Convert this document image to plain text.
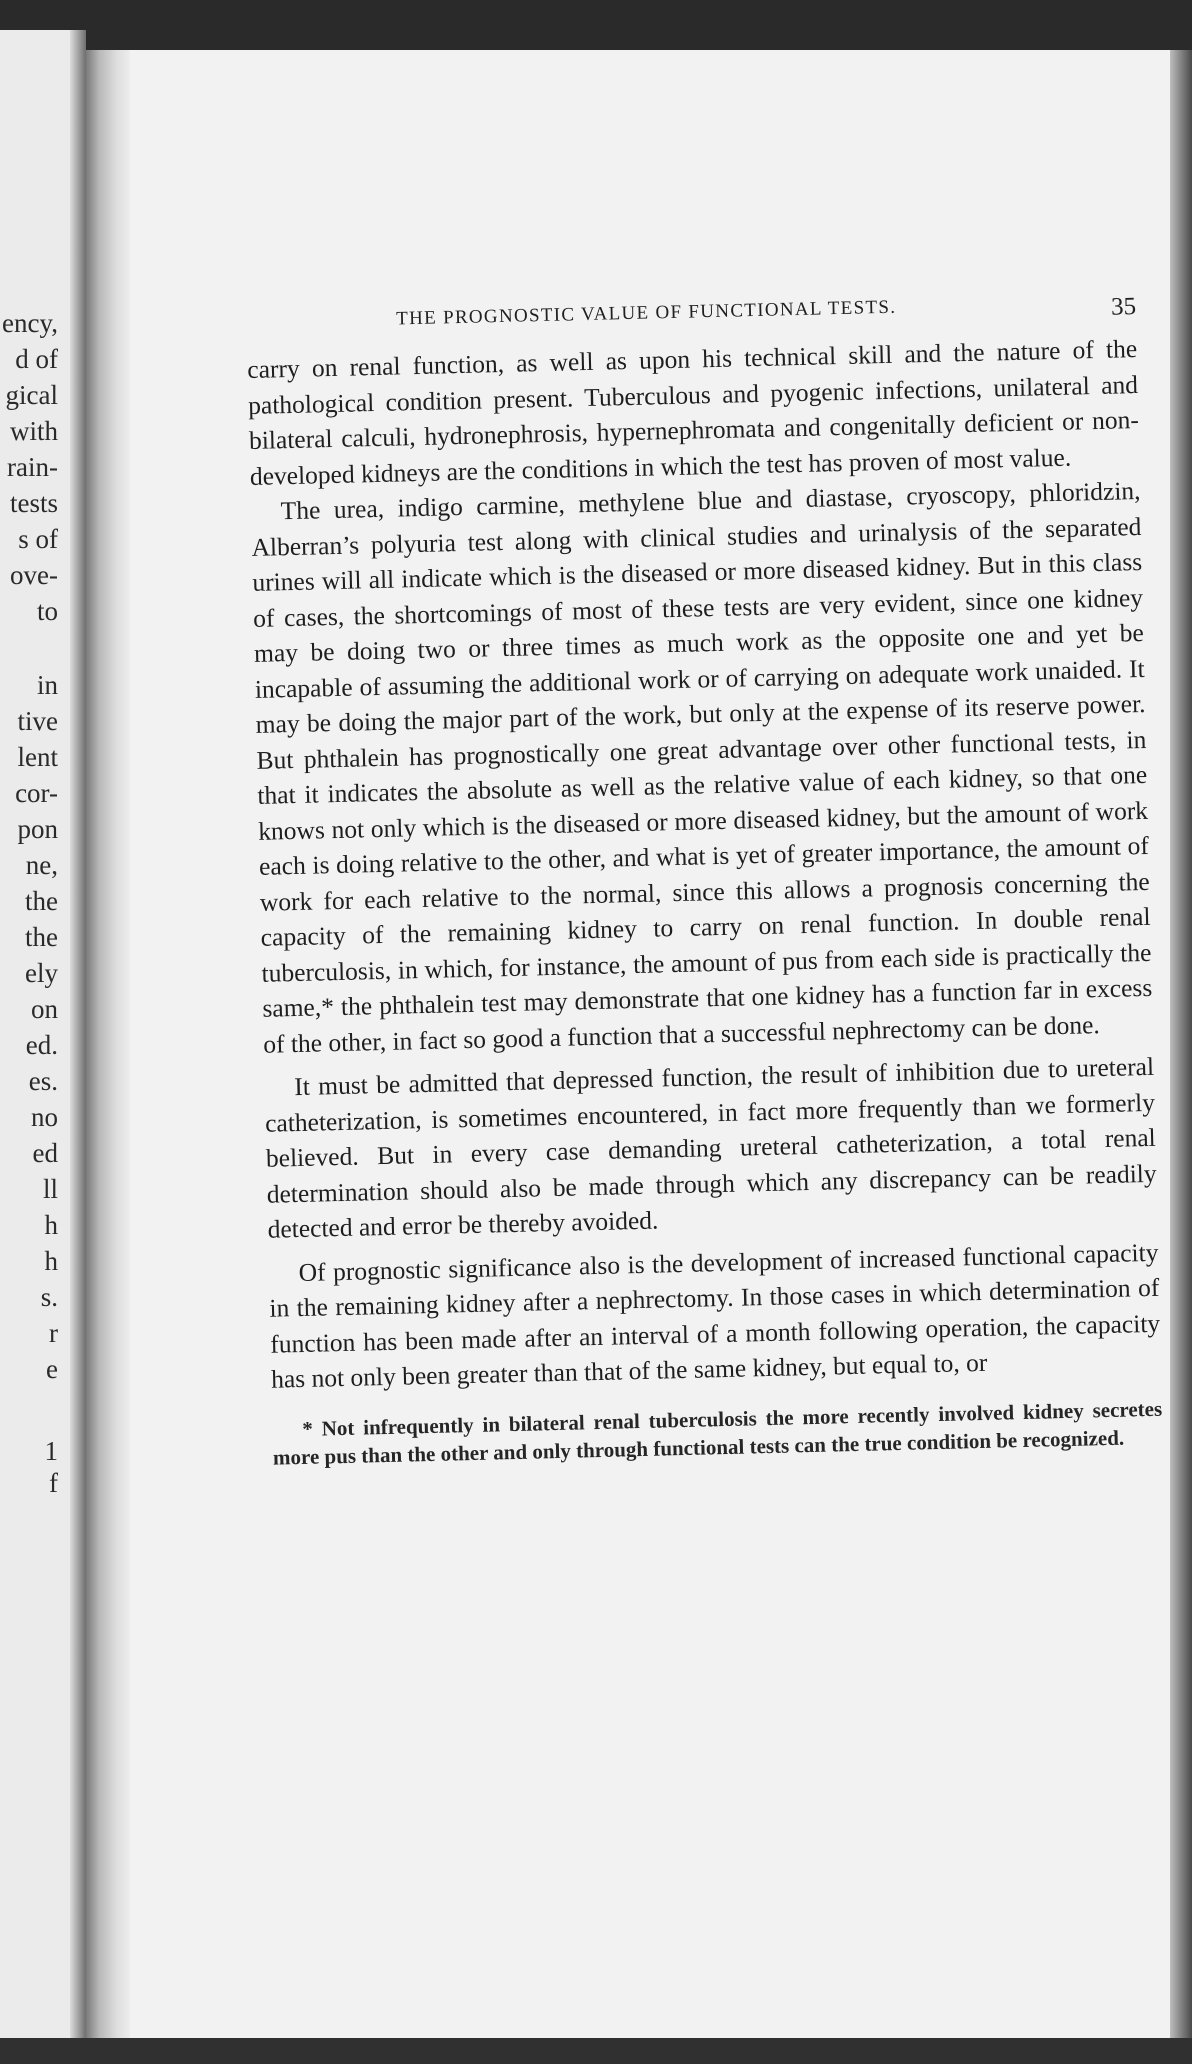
ency,
d of
gical
with
rain-
tests
s of
ove-
to
in
tive
lent
cor-
pon
ne,
the
the
ely
on
ed.
es.
no
ed
ll
h
h
s.
r
e
1
f
THE PROGNOSTIC VALUE OF FUNCTIONAL TESTS.	35

carry on renal function, as well as upon his technical skill and the nature of the pathological condition present. Tuberculous and pyogenic infections, unilateral and bilateral calculi, hydronephrosis, hypernephromata and congenitally deficient or non-developed kidneys are the conditions in which the test has proven of most value.

The urea, indigo carmine, methylene blue and diastase, cryoscopy, phloridzin, Alberran’s polyuria test along with clinical studies and urinalysis of the separated urines will all indicate which is the diseased or more diseased kidney. But in this class of cases, the shortcomings of most of these tests are very evident, since one kidney may be doing two or three times as much work as the opposite one and yet be incapable of assuming the additional work or of carrying on adequate work unaided. It may be doing the major part of the work, but only at the expense of its reserve power. But phthalein has prognostically one great advantage over other functional tests, in that it indicates the absolute as well as the relative value of each kidney, so that one knows not only which is the diseased or more diseased kidney, but the amount of work each is doing relative to the other, and what is yet of greater importance, the amount of work for each relative to the normal, since this allows a prognosis concerning the capacity of the remaining kidney to carry on renal function. In double renal tuberculosis, in which, for instance, the amount of pus from each side is practically the same,* the phthalein test may demonstrate that one kidney has a function far in excess of the other, in fact so good a function that a successful nephrectomy can be done.

It must be admitted that depressed function, the result of inhibition due to ureteral catheterization, is sometimes encountered, in fact more frequently than we formerly believed. But in every case demanding ureteral catheterization, a total renal determination should also be made through which any discrepancy can be readily detected and error be thereby avoided.

Of prognostic significance also is the development of increased functional capacity in the remaining kidney after a nephrectomy. In those cases in which determination of function has been made after an interval of a month following operation, the capacity has not only been greater than that of the same kidney, but equal to, or

* Not infrequently in bilateral renal tuberculosis the more recently involved kidney secretes more pus than the other and only through functional tests can the true condition be recognized.
